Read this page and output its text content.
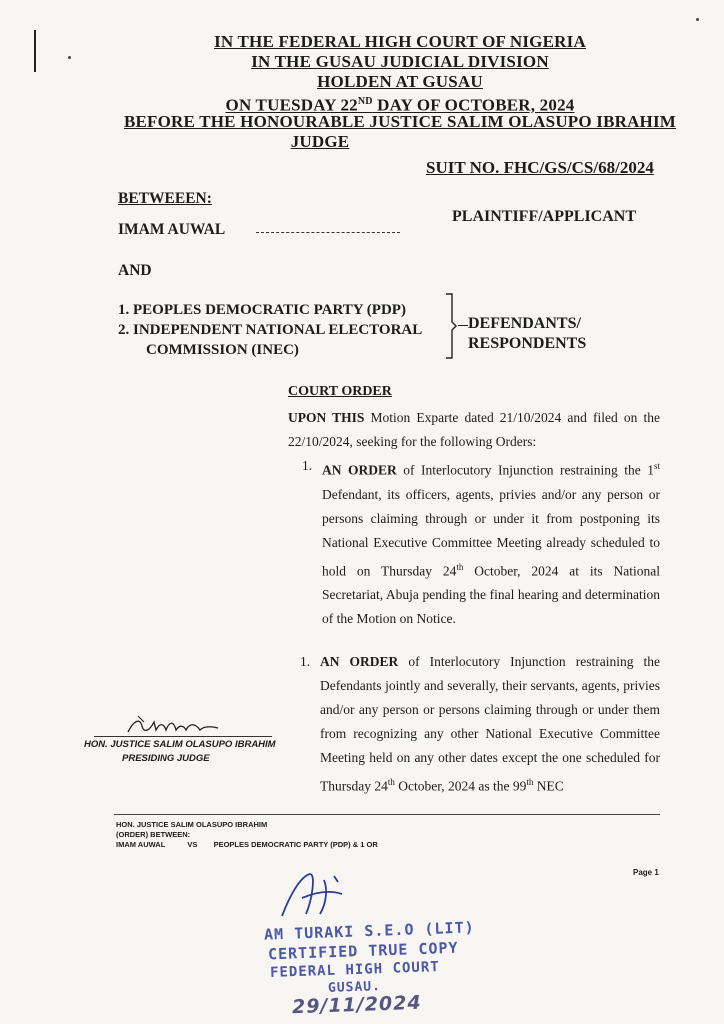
IN THE FEDERAL HIGH COURT OF NIGERIA
IN THE GUSAU JUDICIAL DIVISION
HOLDEN AT GUSAU
ON TUESDAY 22ND DAY OF OCTOBER, 2024
BEFORE THE HONOURABLE JUSTICE SALIM OLASUPO IBRAHIM
JUDGE
SUIT NO. FHC/GS/CS/68/2024
BETWEEEN:
IMAM AUWAL
PLAINTIFF/APPLICANT
AND
1. PEOPLES DEMOCRATIC PARTY (PDP)
2. INDEPENDENT NATIONAL ELECTORAL
COMMISSION (INEC)
DEFENDANTS/
RESPONDENTS
COURT ORDER
UPON THIS Motion Exparte dated 21/10/2024 and filed on the 22/10/2024, seeking for the following Orders:
1. AN ORDER of Interlocutory Injunction restraining the 1st Defendant, its officers, agents, privies and/or any person or persons claiming through or under it from postponing its National Executive Committee Meeting already scheduled to hold on Thursday 24th October, 2024 at its National Secretariat, Abuja pending the final hearing and determination of the Motion on Notice.
1. AN ORDER of Interlocutory Injunction restraining the Defendants jointly and severally, their servants, agents, privies and/or any person or persons claiming through or under them from recognizing any other National Executive Committee Meeting held on any other dates except the one scheduled for Thursday 24th October, 2024 as the 99th NEC
HON. JUSTICE SALIM OLASUPO IBRAHIM
PRESIDING JUDGE
HON. JUSTICE SALIM OLASUPO IBRAHIM
(ORDER) BETWEEN:
IMAM AUWAL	VS PEOPLES DEMOCRATIC PARTY (PDP) & 1 OR
Page 1
AM TURAKI S.E.O (LIT)
CERTIFIED TRUE COPY
FEDERAL HIGH COURT
GUSAU.
29/11/2024
